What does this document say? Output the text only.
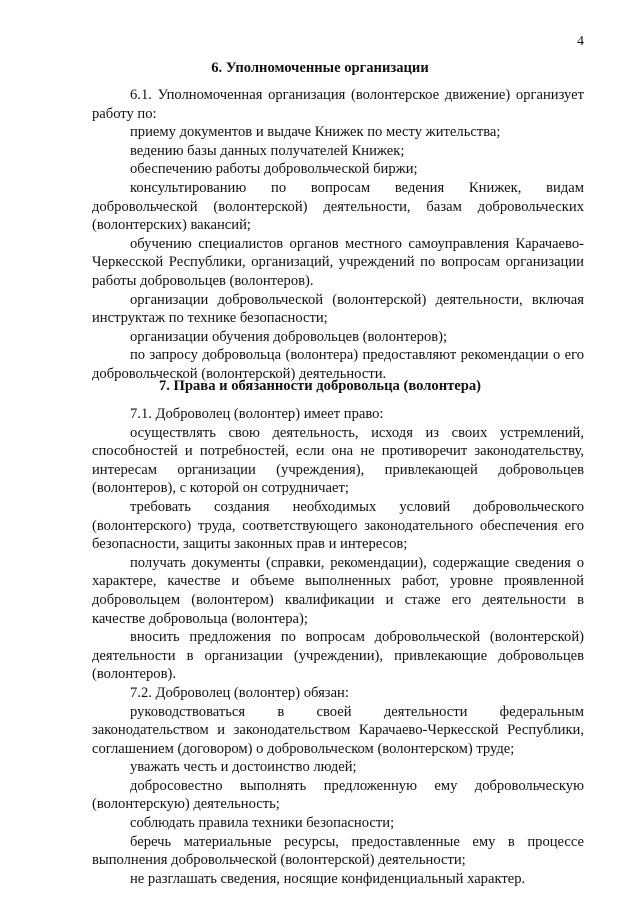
4
6. Уполномоченные организации

6.1. Уполномоченная организация (волонтерское движение) организует работу по:

приему документов и выдаче Книжек по месту жительства;

ведению базы данных получателей Книжек;

обеспечению работы добровольческой биржи;

консультированию по вопросам ведения Книжек, видам добровольческой (волонтерской) деятельности, базам добровольческих (волонтерских) вакансий;

обучению специалистов органов местного самоуправления Карачаево-Черкесской Республики, организаций, учреждений по вопросам организации работы добровольцев (волонтеров).

организации добровольческой (волонтерской) деятельности, включая инструктаж по технике безопасности;

организации обучения добровольцев (волонтеров);

по запросу добровольца (волонтера) предоставляют рекомендации о его добровольческой (волонтерской) деятельности.

7. Права и обязанности добровольца (волонтера)

7.1. Доброволец (волонтер) имеет право:

осуществлять свою деятельность, исходя из своих устремлений, способностей и потребностей, если она не противоречит законодательству, интересам организации (учреждения), привлекающей добровольцев (волонтеров), с которой он сотрудничает;

требовать создания необходимых условий добровольческого (волонтерского) труда, соответствующего законодательного обеспечения его безопасности, защиты законных прав и интересов;

получать документы (справки, рекомендации), содержащие сведения о характере, качестве и объеме выполненных работ, уровне проявленной добровольцем (волонтером) квалификации и стаже его деятельности в качестве добровольца (волонтера);

вносить предложения по вопросам добровольческой (волонтерской) деятельности в организации (учреждении), привлекающие добровольцев (волонтеров).

7.2. Доброволец (волонтер) обязан:

руководствоваться в своей деятельности федеральным законодательством и законодательством Карачаево-Черкесской Республики, соглашением (договором) о добровольческом (волонтерском) труде;

уважать честь и достоинство людей;

добросовестно выполнять предложенную ему добровольческую (волонтерскую) деятельность;

соблюдать правила техники безопасности;

беречь материальные ресурсы, предоставленные ему в процессе выполнения добровольческой (волонтерской) деятельности;

не разглашать сведения, носящие конфиденциальный характер.
